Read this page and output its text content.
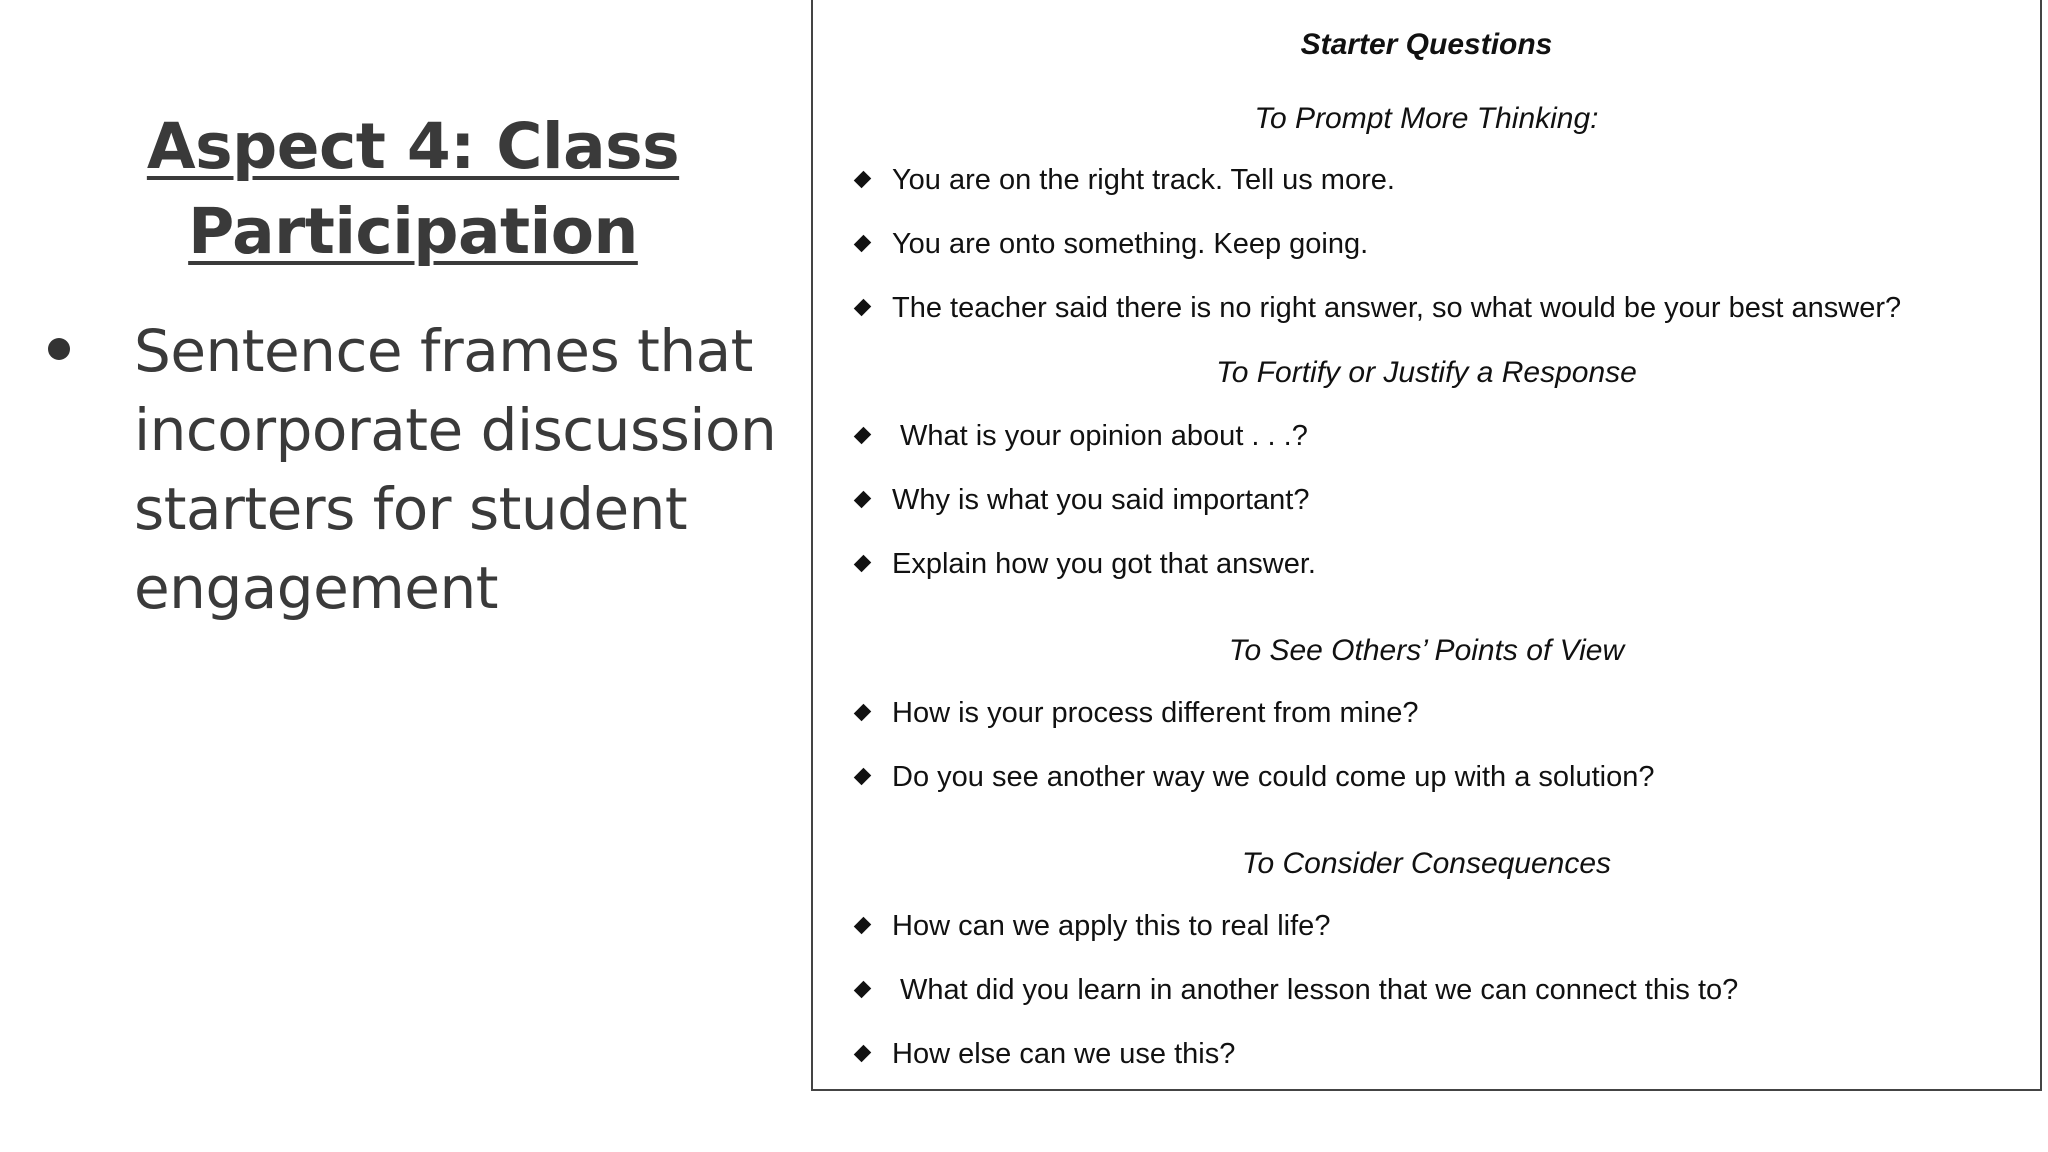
Aspect 4: Class
Participation
Sentence frames that incorporate discussion starters for student engagement
Starter Questions
To Prompt More Thinking:
You are on the right track. Tell us more.
You are onto something. Keep going.
The teacher said there is no right answer, so what would be your best answer?
To Fortify or Justify a Response
What is your opinion about . . .?
Why is what you said important?
Explain how you got that answer.
To See Others’ Points of View
How is your process different from mine?
Do you see another way we could come up with a solution?
To Consider Consequences
How can we apply this to real life?
What did you learn in another lesson that we can connect this to?
How else can we use this?
